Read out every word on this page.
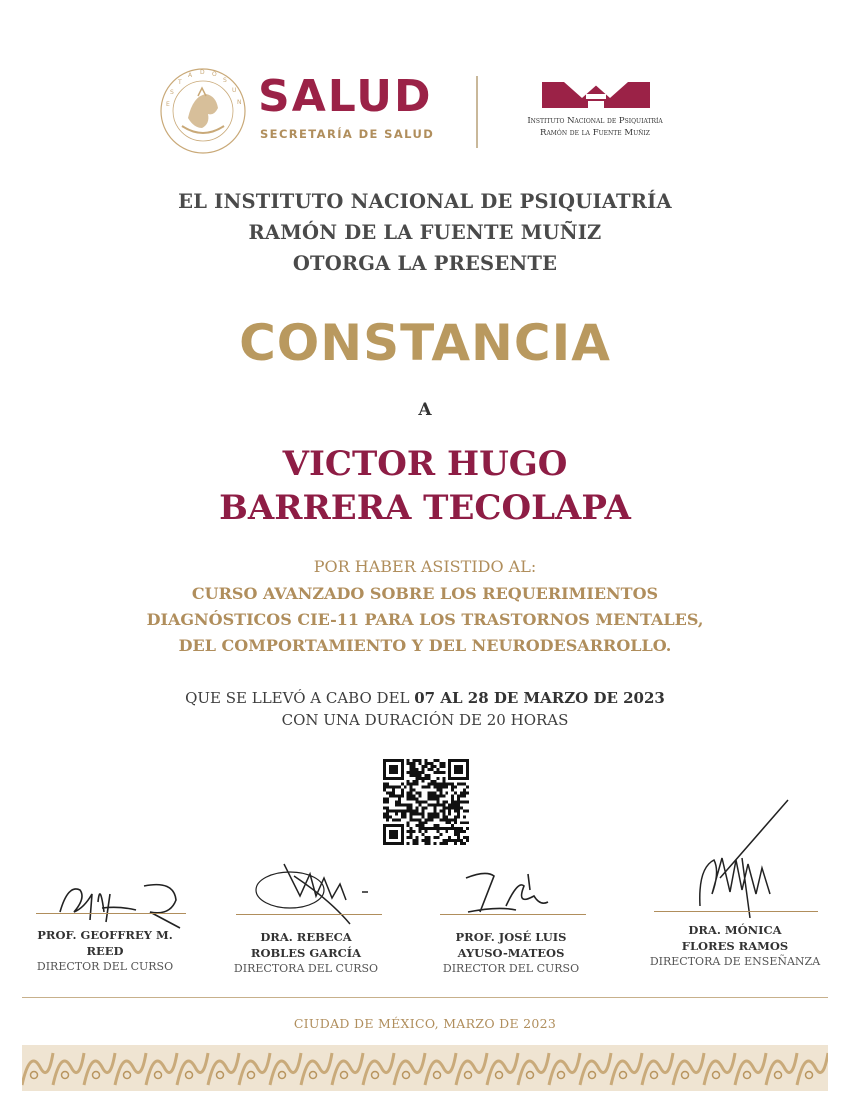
E
S
T
A D O
S
U
N SALUD
SECRETARÍA DE SALUD
Instituto Nacional de Psiquiatría
Ramón de la Fuente Muñiz
EL INSTITUTO NACIONAL DE PSIQUIATRÍA
RAMÓN DE LA FUENTE MUÑIZ
OTORGA LA PRESENTE
CONSTANCIA
A
VICTOR HUGO
BARRERA TECOLAPA
POR HABER ASISTIDO AL:
CURSO AVANZADO SOBRE LOS REQUERIMIENTOS
DIAGNÓSTICOS CIE-11 PARA LOS TRASTORNOS MENTALES,
DEL COMPORTAMIENTO Y DEL NEURODESARROLLO.
QUE SE LLEVÓ A CABO DEL 07 AL 28 DE MARZO DE 2023
CON UNA DURACIÓN DE 20 HORAS
PROF. GEOFFREY M.
REED
DIRECTOR DEL CURSO
DRA. REBECA
ROBLES GARCÍA
DIRECTORA DEL CURSO
PROF. JOSÉ LUIS
AYUSO-MATEOS
DIRECTOR DEL CURSO
DRA. MÓNICA
FLORES RAMOS
DIRECTORA DE ENSEÑANZA
CIUDAD DE MÉXICO, MARZO DE 2023
